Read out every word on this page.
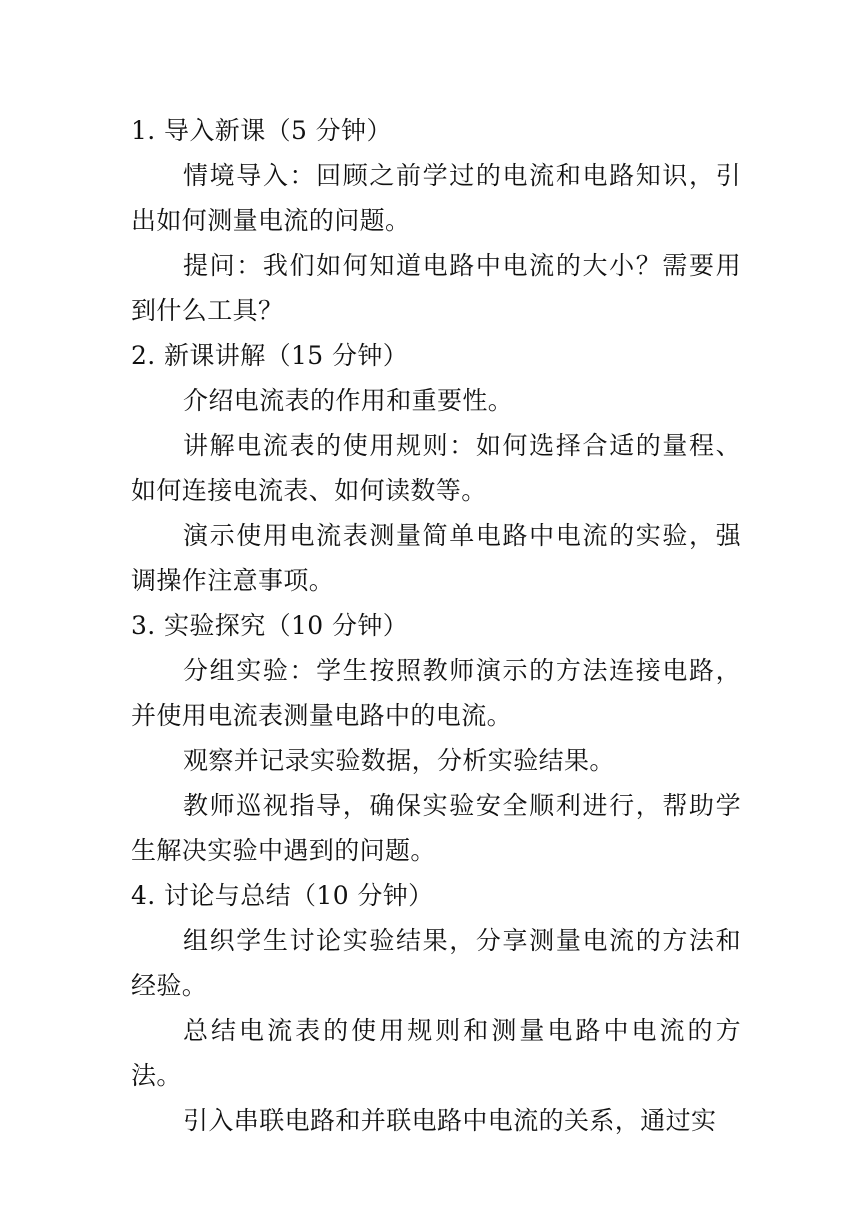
1. 导入新课（5 分钟）

情境导入：回顾之前学过的电流和电路知识，引出如何测量电流的问题。

提问：我们如何知道电路中电流的大小？需要用到什么工具？

2. 新课讲解（15 分钟）

介绍电流表的作用和重要性。

讲解电流表的使用规则：如何选择合适的量程、如何连接电流表、如何读数等。

演示使用电流表测量简单电路中电流的实验，强调操作注意事项。

3. 实验探究（10 分钟）

分组实验：学生按照教师演示的方法连接电路，并使用电流表测量电路中的电流。

观察并记录实验数据，分析实验结果。

教师巡视指导，确保实验安全顺利进行，帮助学生解决实验中遇到的问题。

4. 讨论与总结（10 分钟）

组织学生讨论实验结果，分享测量电流的方法和经验。

总结电流表的使用规则和测量电路中电流的方法。

引入串联电路和并联电路中电流的关系，通过实
